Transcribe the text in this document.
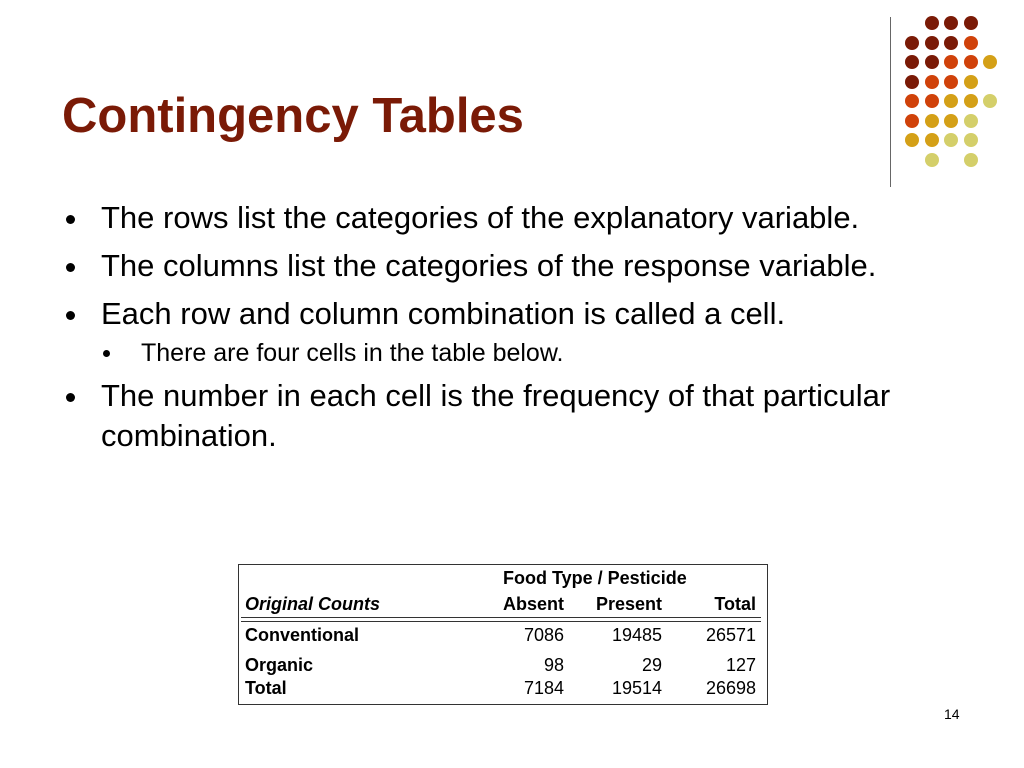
Contingency Tables
The rows list the categories of the explanatory variable.
The columns list the categories of the response variable.
Each row and column combination is called a cell.
There are four cells in the table below.
The number in each cell is the frequency of that particular combination.
Food Type / Pesticide
Original Counts	Absent	Present	Total
Conventional	7086	19485	26571
Organic	98	29	127
Total	7184	19514	26698
14
